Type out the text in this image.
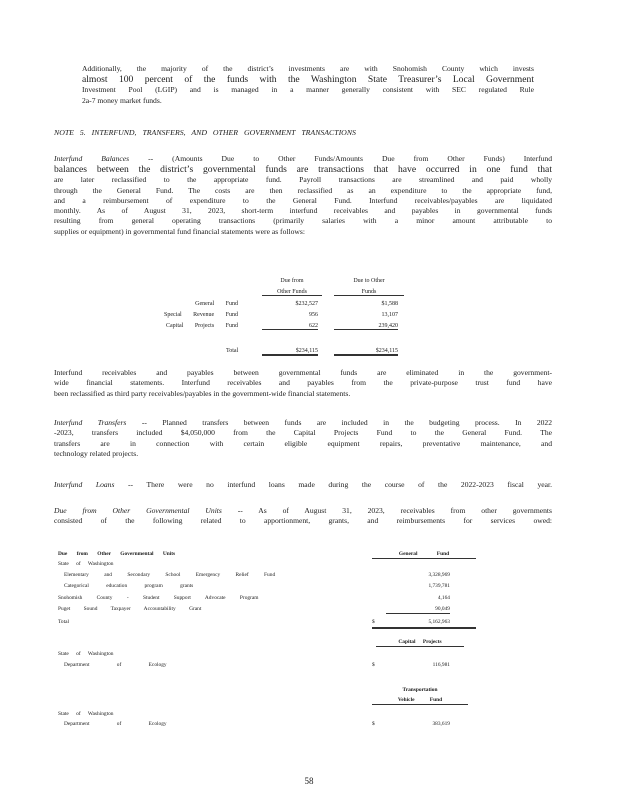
Additionally, the majority of the district’s investments are with Snohomish County which invests
almost 100 percent of the funds with the Washington State Treasurer’s Local Government
Investment Pool (LGIP) and is managed in a manner generally consistent with SEC regulated Rule
2a-7 money market funds.
NOTE 5. INTERFUND, TRANSFERS, AND OTHER GOVERNMENT TRANSACTIONS
Interfund Balances	-- (Amounts Due to Other Funds/Amounts Due from Other Funds) Interfund
balances between the district’s governmental funds are transactions that have occurred in one fund that
are later reclassified to the appropriate fund. Payroll transactions are streamlined and paid wholly
through the General Fund. The costs are then reclassified as an expenditure to the appropriate fund,
and a reimbursement of expenditure to the General Fund. Interfund receivables/payables are liquidated
monthly. As of August 31, 2023, short-term interfund receivables and payables in governmental funds
resulting from general operating transactions (primarily salaries with a minor amount attributable to
supplies or equipment) in governmental fund financial statements were as follows:
Due from
Other Funds
Due to Other
Funds
General Fund	$232,527	$1,588
Special Revenue Fund	956	13,107
Capital Projects Fund	622	239,420
Total	$234,115	$234,115
Interfund receivables and payables between governmental funds are eliminated in the government-
wide financial statements. Interfund receivables and payables from the private-purpose trust fund have
been reclassified as third party receivables/payables in the government-wide financial statements.
Interfund Transfers -- Planned transfers between funds are included in the budgeting process. In 2022
-2023, transfers included $4,050,000 from the Capital Projects Fund to the General Fund. The
transfers are in connection with certain eligible equipment repairs, preventative maintenance, and
technology related projects.
Interfund Loans -- There were no interfund loans made during the course of the 2022-2023 fiscal year.
Due from Other Governmental Units -- As of August 31, 2023, receivables from other governments
consisted of the following related to apportionment, grants, and reimbursements for services owed:
Due from Other Governmental Units	General Fund
State of Washington
Elementary and Secondary School Emergency Relief Fund	3,328,969
Categorical education program grants	1,739,781
Snohomish County - Student Support Advocate Program	4,164
Puget Sound Taxpayer Accountability Grant	90,049
Total	$	5,162,963
Capital Projects
State of Washington
Department of Ecology	$	116,981
Transportation
Vehicle Fund
State of Washington
Department of Ecology	$	383,619
58
